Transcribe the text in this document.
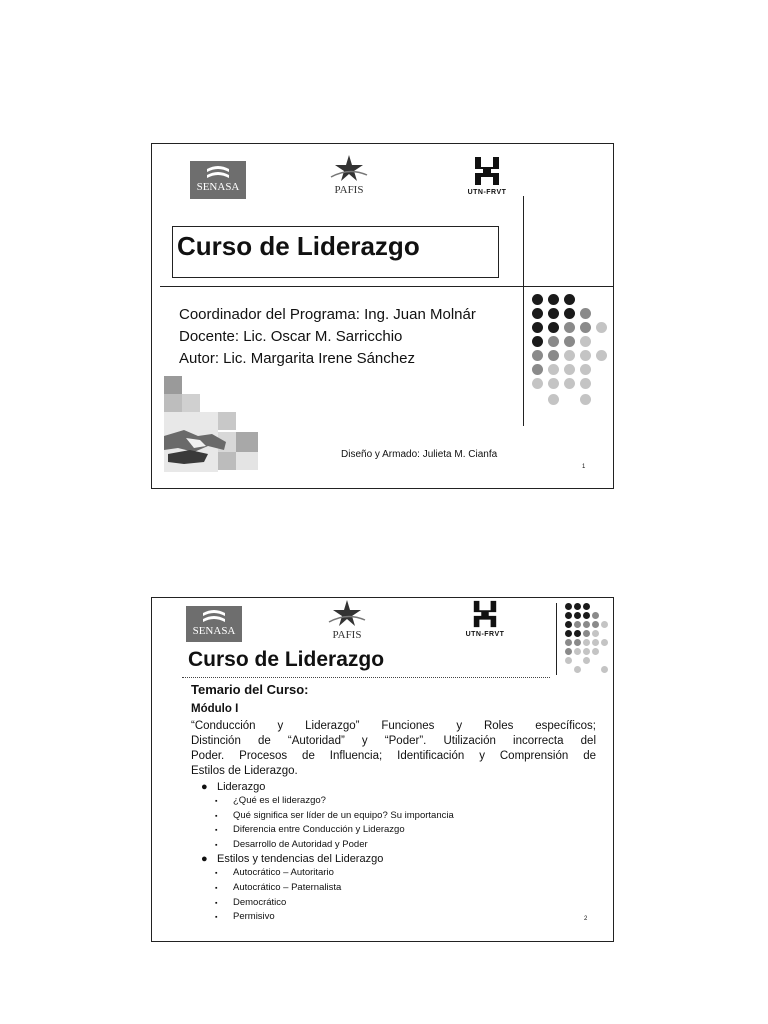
SENASA	PAFIS	UTN-FRVT
Curso de Liderazgo
Coordinador del Programa: Ing. Juan Molnár
Docente: Lic. Oscar M. Sarricchio
Autor: Lic. Margarita Irene Sánchez
Diseño y Armado: Julieta M. Cianfa
1
SENASA	PAFIS	UTN-FRVT
Curso de Liderazgo
Temario del Curso:
Módulo I
“Conducción y Liderazgo” Funciones y Roles específicos;
Distinción de “Autoridad” y “Poder”. Utilización incorrecta del
Poder. Procesos de Influencia; Identificación y Comprensión de
Estilos de Liderazgo.
● Liderazgo
▪ ¿Qué es el liderazgo?
▪ Qué significa ser líder de un equipo? Su importancia
▪ Diferencia entre Conducción y Liderazgo
▪ Desarrollo de Autoridad y Poder
● Estilos y tendencias del Liderazgo
▪ Autocrático – Autoritario
▪ Autocrático – Paternalista
▪ Democrático
▪ Permisivo	2
